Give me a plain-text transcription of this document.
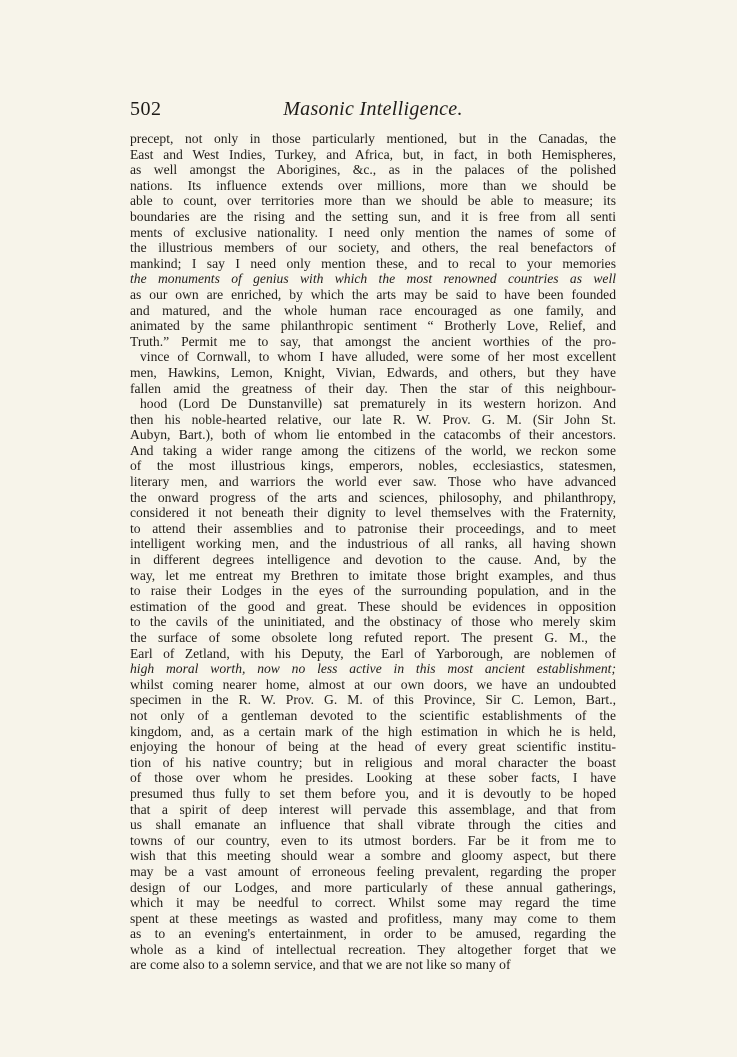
502	Masonic Intelligence.
precept, not only in those particularly mentioned, but in the Canadas, the
East and West Indies, Turkey, and Africa, but, in fact, in both Hemispheres,
as well amongst the Aborigines, &c., as in the palaces of the polished
nations. Its influence extends over millions, more than we should be
able to count, over territories more than we should be able to measure; its
boundaries are the rising and the setting sun, and it is free from all senti
ments of exclusive nationality. I need only mention the names of some of
the illustrious members of our society, and others, the real benefactors of
mankind; I say I need only mention these, and to recal to your memories
the monuments of genius with which the most renowned countries as well
as our own are enriched, by which the arts may be said to have been founded
and matured, and the whole human race encouraged as one family, and
animated by the same philanthropic sentiment “ Brotherly Love, Relief, and
Truth.” Permit me to say, that amongst the ancient worthies of the pro-
vince of Cornwall, to whom I have alluded, were some of her most excellent
men, Hawkins, Lemon, Knight, Vivian, Edwards, and others, but they have
fallen amid the greatness of their day. Then the star of this neighbour-
hood (Lord De Dunstanville) sat prematurely in its western horizon. And
then his noble-hearted relative, our late R. W. Prov. G. M. (Sir John St.
Aubyn, Bart.), both of whom lie entombed in the catacombs of their ancestors.
And taking a wider range among the citizens of the world, we reckon some
of the most illustrious kings, emperors, nobles, ecclesiastics, statesmen,
literary men, and warriors the world ever saw. Those who have advanced
the onward progress of the arts and sciences, philosophy, and philanthropy,
considered it not beneath their dignity to level themselves with the Fraternity,
to attend their assemblies and to patronise their proceedings, and to meet
intelligent working men, and the industrious of all ranks, all having shown
in different degrees intelligence and devotion to the cause. And, by the
way, let me entreat my Brethren to imitate those bright examples, and thus
to raise their Lodges in the eyes of the surrounding population, and in the
estimation of the good and great. These should be evidences in opposition
to the cavils of the uninitiated, and the obstinacy of those who merely skim
the surface of some obsolete long refuted report. The present G. M., the
Earl of Zetland, with his Deputy, the Earl of Yarborough, are noblemen of
high moral worth, now no less active in this most ancient establishment;
whilst coming nearer home, almost at our own doors, we have an undoubted
specimen in the R. W. Prov. G. M. of this Province, Sir C. Lemon, Bart.,
not only of a gentleman devoted to the scientific establishments of the
kingdom, and, as a certain mark of the high estimation in which he is held,
enjoying the honour of being at the head of every great scientific institu-
tion of his native country; but in religious and moral character the boast
of those over whom he presides. Looking at these sober facts, I have
presumed thus fully to set them before you, and it is devoutly to be hoped
that a spirit of deep interest will pervade this assemblage, and that from
us shall emanate an influence that shall vibrate through the cities and
towns of our country, even to its utmost borders. Far be it from me to
wish that this meeting should wear a sombre and gloomy aspect, but there
may be a vast amount of erroneous feeling prevalent, regarding the proper
design of our Lodges, and more particularly of these annual gatherings,
which it may be needful to correct. Whilst some may regard the time
spent at these meetings as wasted and profitless, many may come to them
as to an evening's entertainment, in order to be amused, regarding the
whole as a kind of intellectual recreation. They altogether forget that we
are come also to a solemn service, and that we are not like so many of
